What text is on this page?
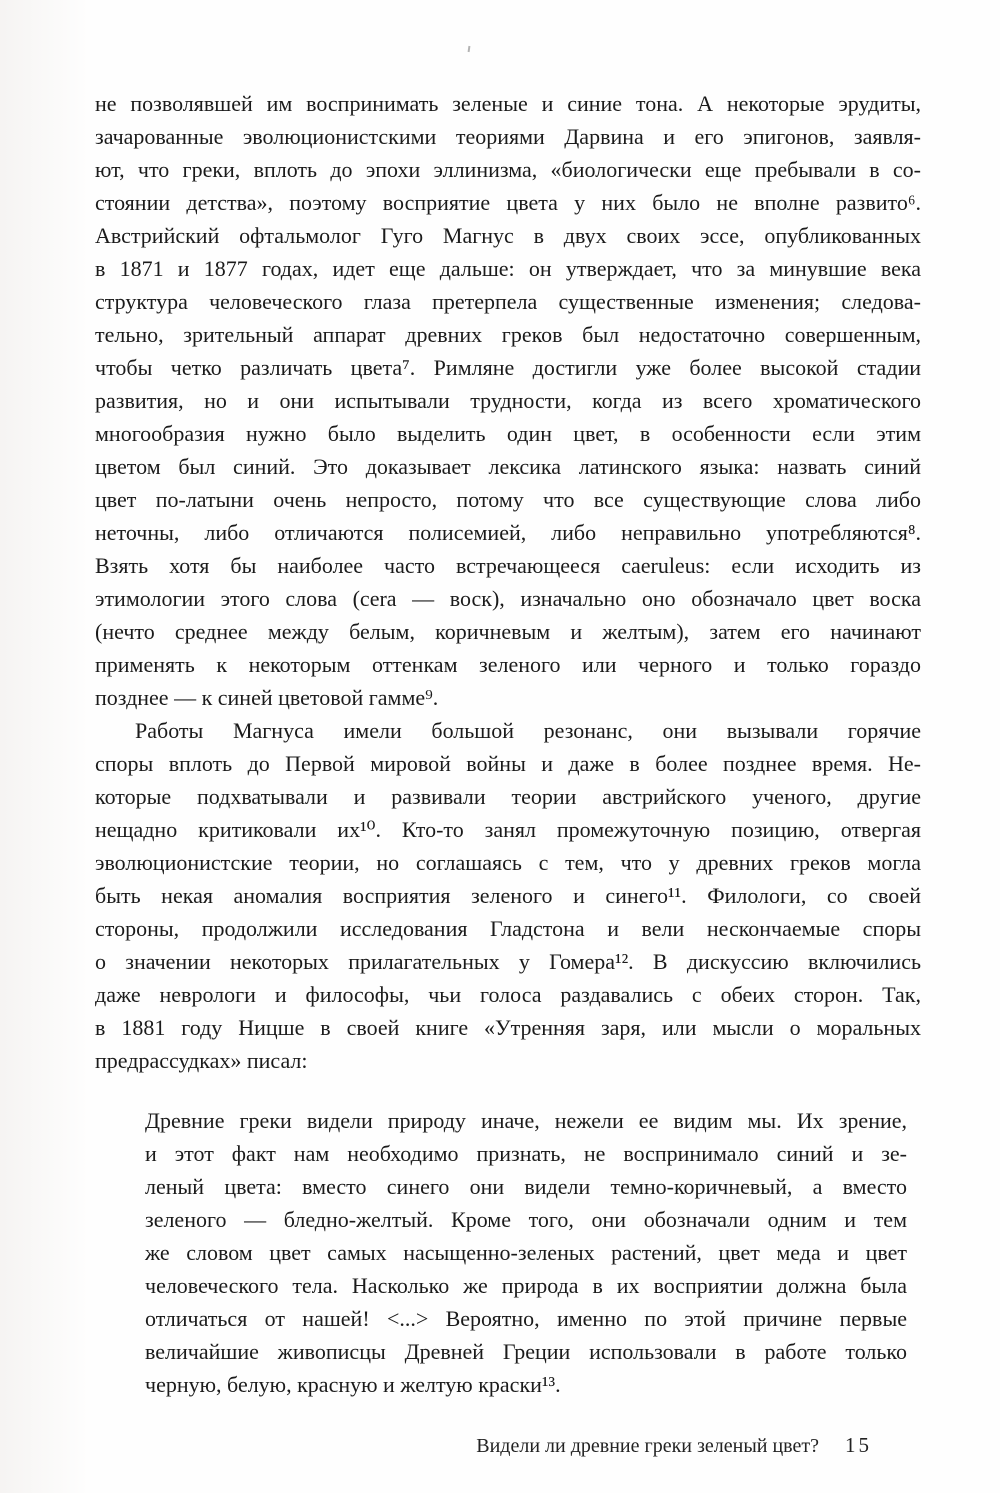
не позволявшей им воспринимать зеленые и синие тона. А некоторые эрудиты,
зачарованные эволюционистскими теориями Дарвина и его эпигонов, заявля-
ют, что греки, вплоть до эпохи эллинизма, «биологически еще пребывали в со-
стоянии детства», поэтому восприятие цвета у них было не вполне развито⁶.
Австрийский офтальмолог Гуго Магнус в двух своих эссе, опубликованных
в 1871 и 1877 годах, идет еще дальше: он утверждает, что за минувшие века
структура человеческого глаза претерпела существенные изменения; следова-
тельно, зрительный аппарат древних греков был недостаточно совершенным,
чтобы четко различать цвета⁷. Римляне достигли уже более высокой стадии
развития, но и они испытывали трудности, когда из всего хроматического
многообразия нужно было выделить один цвет, в особенности если этим
цветом был синий. Это доказывает лексика латинского языка: назвать синий
цвет по-латыни очень непросто, потому что все существующие слова либо
неточны, либо отличаются полисемией, либо неправильно употребляются⁸.
Взять хотя бы наиболее часто встречающееся caeruleus: если исходить из
этимологии этого слова (cera — воск), изначально оно обозначало цвет воска
(нечто среднее между белым, коричневым и желтым), затем его начинают
применять к некоторым оттенкам зеленого или черного и только гораздо
позднее — к синей цветовой гамме⁹.
Работы Магнуса имели большой резонанс, они вызывали горячие
споры вплоть до Первой мировой войны и даже в более позднее время. Не-
которые подхватывали и развивали теории австрийского ученого, другие
нещадно критиковали их¹⁰. Кто-то занял промежуточную позицию, отвергая
эволюционистские теории, но соглашаясь с тем, что у древних греков могла
быть некая аномалия восприятия зеленого и синего¹¹. Филологи, со своей
стороны, продолжили исследования Гладстона и вели нескончаемые споры
о значении некоторых прилагательных у Гомера¹². В дискуссию включились
даже неврологи и философы, чьи голоса раздавались с обеих сторон. Так,
в 1881 году Ницше в своей книге «Утренняя заря, или мысли о моральных
предрассудках» писал:
Древние греки видели природу иначе, нежели ее видим мы. Их зрение,
и этот факт нам необходимо признать, не воспринимало синий и зе-
леный цвета: вместо синего они видели темно-коричневый, а вместо
зеленого — бледно-желтый. Кроме того, они обозначали одним и тем
же словом цвет самых насыщенно-зеленых растений, цвет меда и цвет
человеческого тела. Насколько же природа в их восприятии должна была
отличаться от нашей! <...> Вероятно, именно по этой причине первые
величайшие живописцы Древней Греции использовали в работе только
черную, белую, красную и желтую краски¹³.
Видели ли древние греки зеленый цвет? 15
